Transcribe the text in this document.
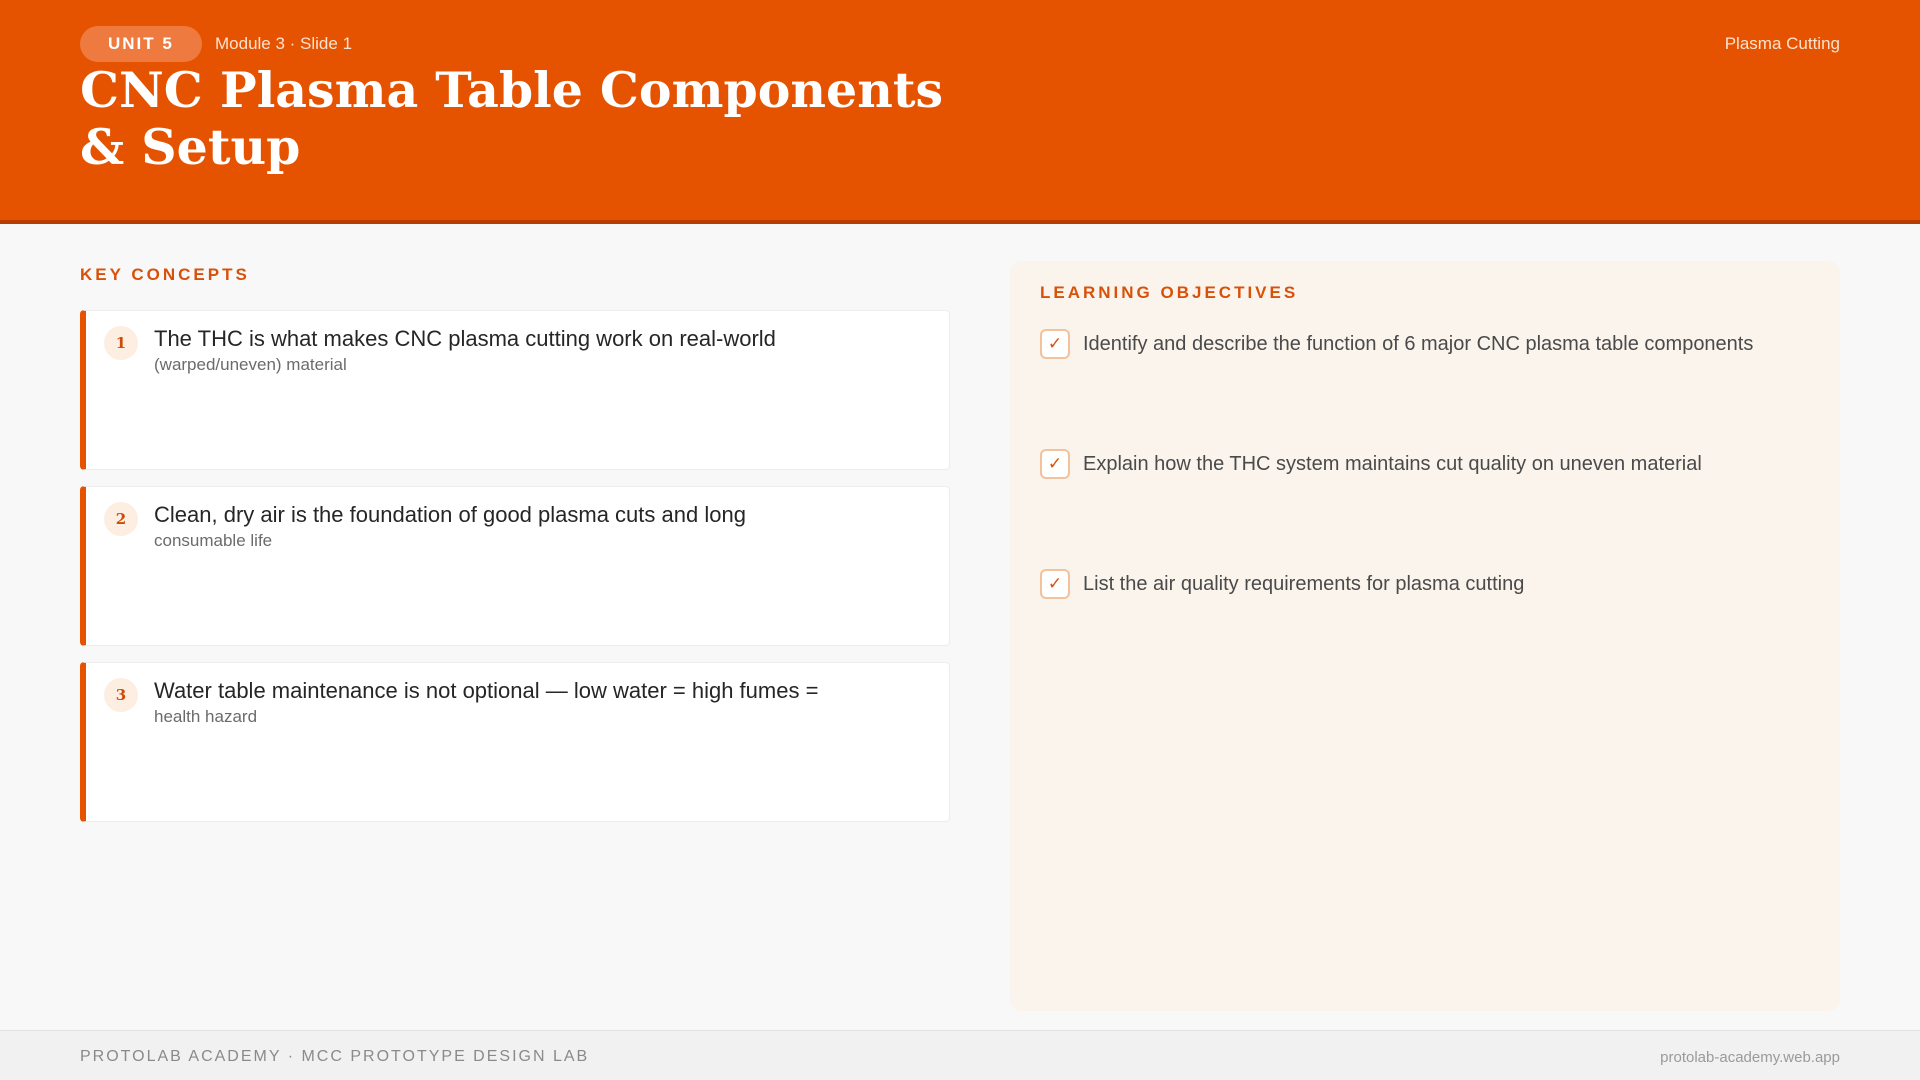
UNIT 5	Module 3 · Slide 1	Plasma Cutting
CNC Plasma Table Components & Setup
KEY CONCEPTS
1	The THC is what makes CNC plasma cutting work on real-world
(warped/uneven) material
2	Clean, dry air is the foundation of good plasma cuts and long
consumable life
3	Water table maintenance is not optional — low water = high fumes =
health hazard
LEARNING OBJECTIVES
✓	Identify and describe the function of 6 major CNC plasma table components
✓	Explain how the THC system maintains cut quality on uneven material
✓	List the air quality requirements for plasma cutting
PROTOLAB ACADEMY · MCC PROTOTYPE DESIGN LAB	protolab-academy.web.app
